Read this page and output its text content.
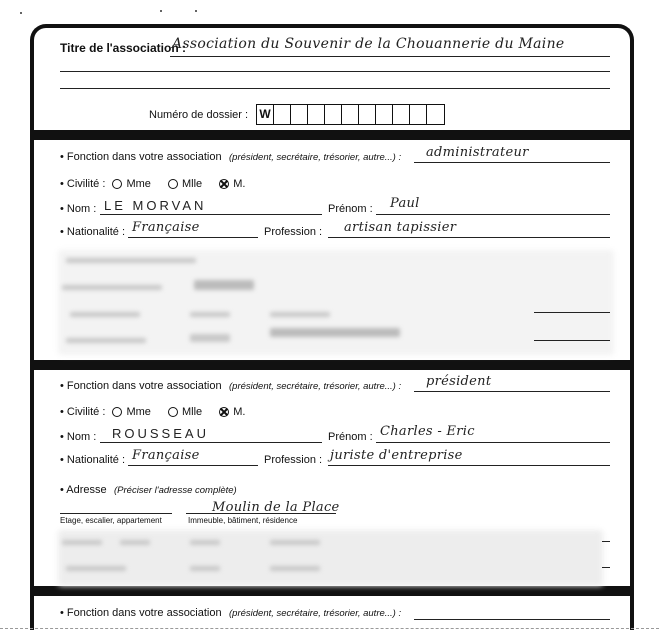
Titre de l'association :
Association du Souvenir de la Chouannerie du Maine
Numéro de dossier : W
• Fonction dans votre association (président, secrétaire, trésorier, autre...) : administrateur
• Civilité : Mme	Mlle	M.
• Nom : LE MORVAN	Prénom : Paul
• Nationalité : Française	Profession : artisan tapissier
• Fonction dans votre association (président, secrétaire, trésorier, autre...) : président
• Civilité : Mme	Mlle	M.
• Nom : ROUSSEAU	Prénom : Charles - Eric
• Nationalité : Française	Profession : juriste d'entreprise
• Adresse (Préciser l'adresse complète)
Moulin de la Place
Etage, escalier, appartement	Immeuble, bâtiment, résidence
• Fonction dans votre association (président, secrétaire, trésorier, autre...) :
